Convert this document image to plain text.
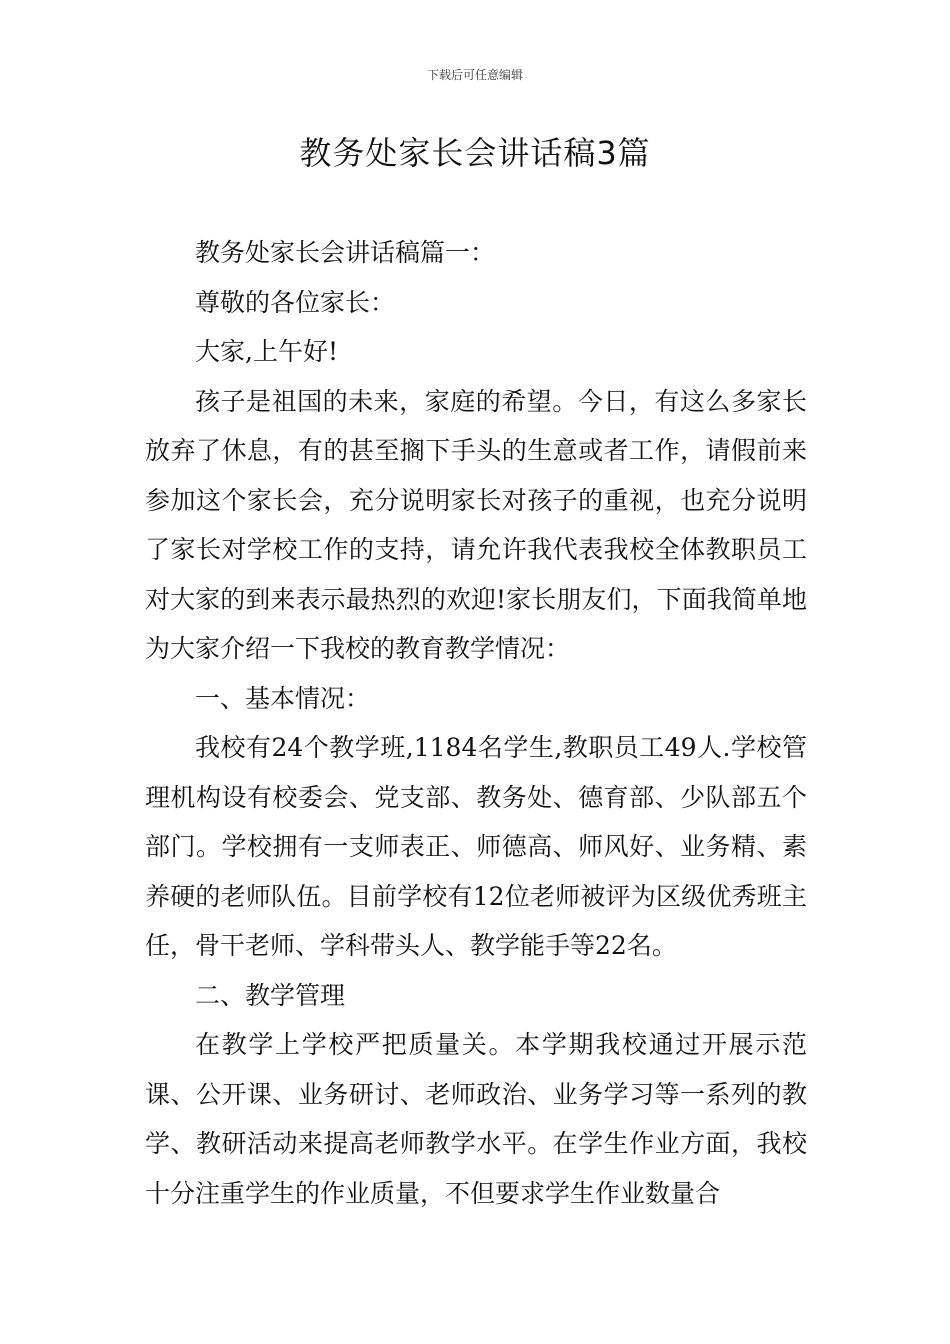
下载后可任意编辑
教务处家长会讲话稿3篇

教务处家长会讲话稿篇一：

尊敬的各位家长：

大家,上午好!

孩子是祖国的未来，家庭的希望。今日，有这么多家长放弃了休息，有的甚至搁下手头的生意或者工作，请假前来参加这个家长会，充分说明家长对孩子的重视，也充分说明了家长对学校工作的支持，请允许我代表我校全体教职员工对大家的到来表示最热烈的欢迎!家长朋友们，下面我简单地为大家介绍一下我校的教育教学情况：

一、基本情况：

我校有24个教学班,1184名学生,教职员工49人.学校管理机构设有校委会、党支部、教务处、德育部、少队部五个部门。学校拥有一支师表正、师德高、师风好、业务精、素养硬的老师队伍。目前学校有12位老师被评为区级优秀班主任，骨干老师、学科带头人、教学能手等22名。

二、教学管理

在教学上学校严把质量关。本学期我校通过开展示范课、公开课、业务研讨、老师政治、业务学习等一系列的教学、教研活动来提高老师教学水平。在学生作业方面，我校十分注重学生的作业质量，不但要求学生作业数量合
